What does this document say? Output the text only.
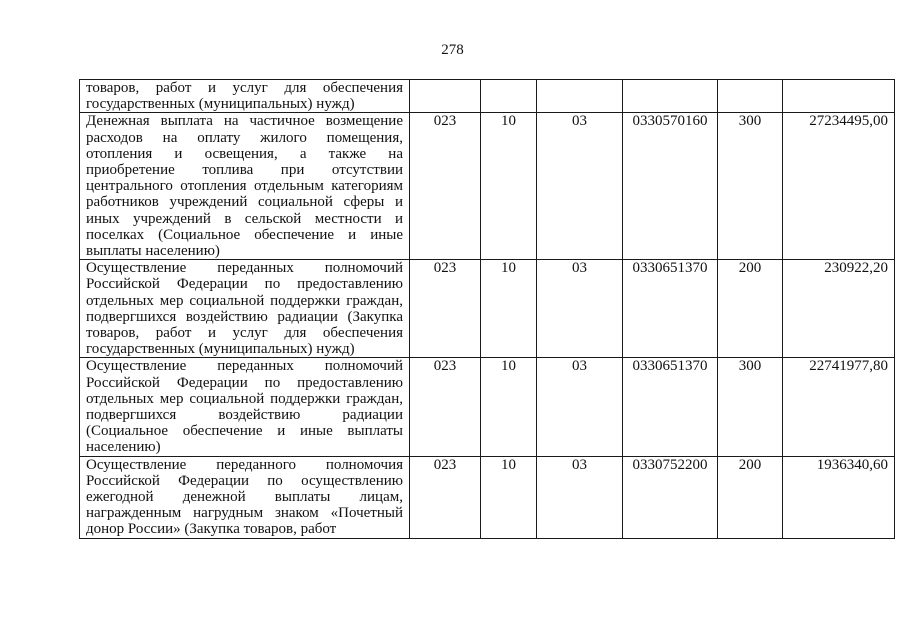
278
товаров, работ и услуг для обеспечения государственных (муниципальных) нужд)						
Денежная выплата на частичное возмещение расходов на оплату жилого помещения, отопления и освещения, а также на приобретение топлива при отсутствии центрального отопления отдельным категориям работников учреждений социальной сферы и иных учреждений в сельской местности и поселках (Социальное обеспечение и иные выплаты населению)	023	10	03	0330570160	300	27234495,00
Осуществление переданных полномочий Российской Федерации по предоставлению отдельных мер социальной поддержки граждан, подвергшихся воздействию радиации (Закупка товаров, работ и услуг для обеспечения государственных (муниципальных) нужд)	023	10	03	0330651370	200	230922,20
Осуществление переданных полномочий Российской Федерации по предоставлению отдельных мер социальной поддержки граждан, подвергшихся воздействию радиации (Социальное обеспечение и иные выплаты населению)	023	10	03	0330651370	300	22741977,80
Осуществление переданного полномочия Российской Федерации по осуществлению ежегодной денежной выплаты лицам, награжденным нагрудным знаком «Почетный донор России» (Закупка товаров, работ	023	10	03	0330752200	200	1936340,60
